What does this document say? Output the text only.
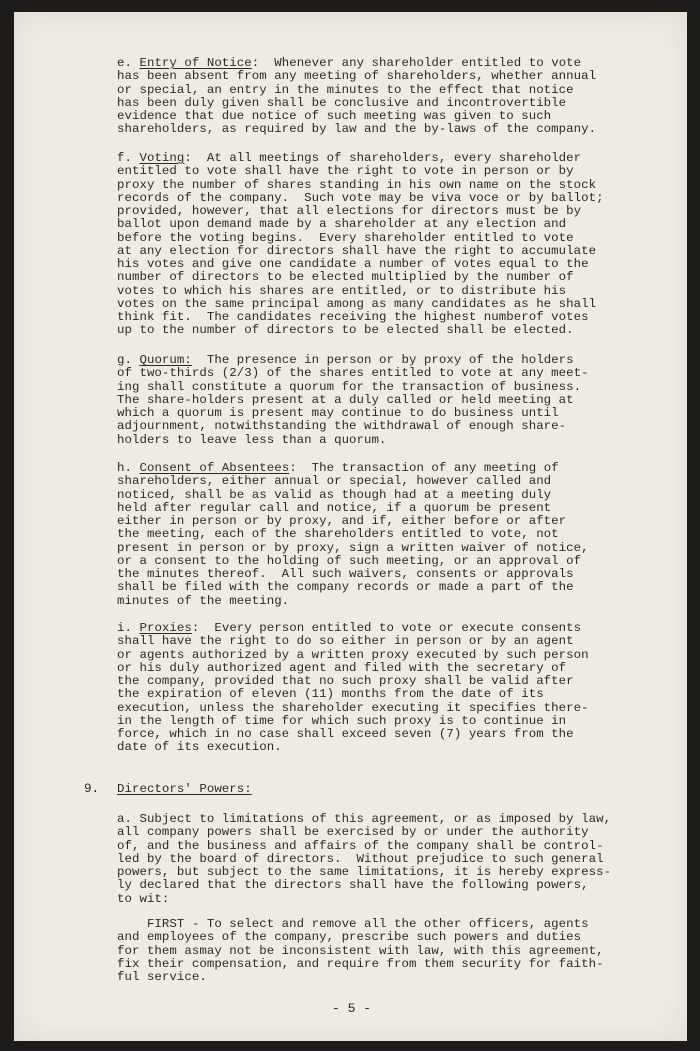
e. Entry of Notice:  Whenever any shareholder entitled to vote
has been absent from any meeting of shareholders, whether annual
or special, an entry in the minutes to the effect that notice
has been duly given shall be conclusive and incontrovertible
evidence that due notice of such meeting was given to such
shareholders, as required by law and the by-laws of the company.
f. Voting:  At all meetings of shareholders, every shareholder
entitled to vote shall have the right to vote in person or by
proxy the number of shares standing in his own name on the stock
records of the company.  Such vote may be viva voce or by ballot;
provided, however, that all elections for directors must be by
ballot upon demand made by a shareholder at any election and
before the voting begins.  Every shareholder entitled to vote
at any election for directors shall have the right to accumulate
his votes and give one candidate a number of votes equal to the
number of directors to be elected multiplied by the number of
votes to which his shares are entitled, or to distribute his
votes on the same principal among as many candidates as he shall
think fit.  The candidates receiving the highest numberof votes
up to the number of directors to be elected shall be elected.
g. Quorum:  The presence in person or by proxy of the holders
of two-thirds (2/3) of the shares entitled to vote at any meet-
ing shall constitute a quorum for the transaction of business.
The share-holders present at a duly called or held meeting at
which a quorum is present may continue to do business until
adjournment, notwithstanding the withdrawal of enough share-
holders to leave less than a quorum.
h. Consent of Absentees:  The transaction of any meeting of
shareholders, either annual or special, however called and
noticed, shall be as valid as though had at a meeting duly
held after regular call and notice, if a quorum be present
either in person or by proxy, and if, either before or after
the meeting, each of the shareholders entitled to vote, not
present in person or by proxy, sign a written waiver of notice,
or a consent to the holding of such meeting, or an approval of
the minutes thereof.  All such waivers, consents or approvals
shall be filed with the company records or made a part of the
minutes of the meeting.
i. Proxies:  Every person entitled to vote or execute consents
shall have the right to do so either in person or by an agent
or agents authorized by a written proxy executed by such person
or his duly authorized agent and filed with the secretary of
the company, provided that no such proxy shall be valid after
the expiration of eleven (11) months from the date of its
execution, unless the shareholder executing it specifies there-
in the length of time for which such proxy is to continue in
force, which in no case shall exceed seven (7) years from the
date of its execution.
9. Directors' Powers:
a. Subject to limitations of this agreement, or as imposed by law,
all company powers shall be exercised by or under the authority
of, and the business and affairs of the company shall be control-
led by the board of directors.  Without prejudice to such general
powers, but subject to the same limitations, it is hereby express-
ly declared that the directors shall have the following powers,
to wit:
FIRST - To select and remove all the other officers, agents
and employees of the company, prescribe such powers and duties
for them asmay not be inconsistent with law, with this agreement,
fix their compensation, and require from them security for faith-
ful service.
- 5 -
